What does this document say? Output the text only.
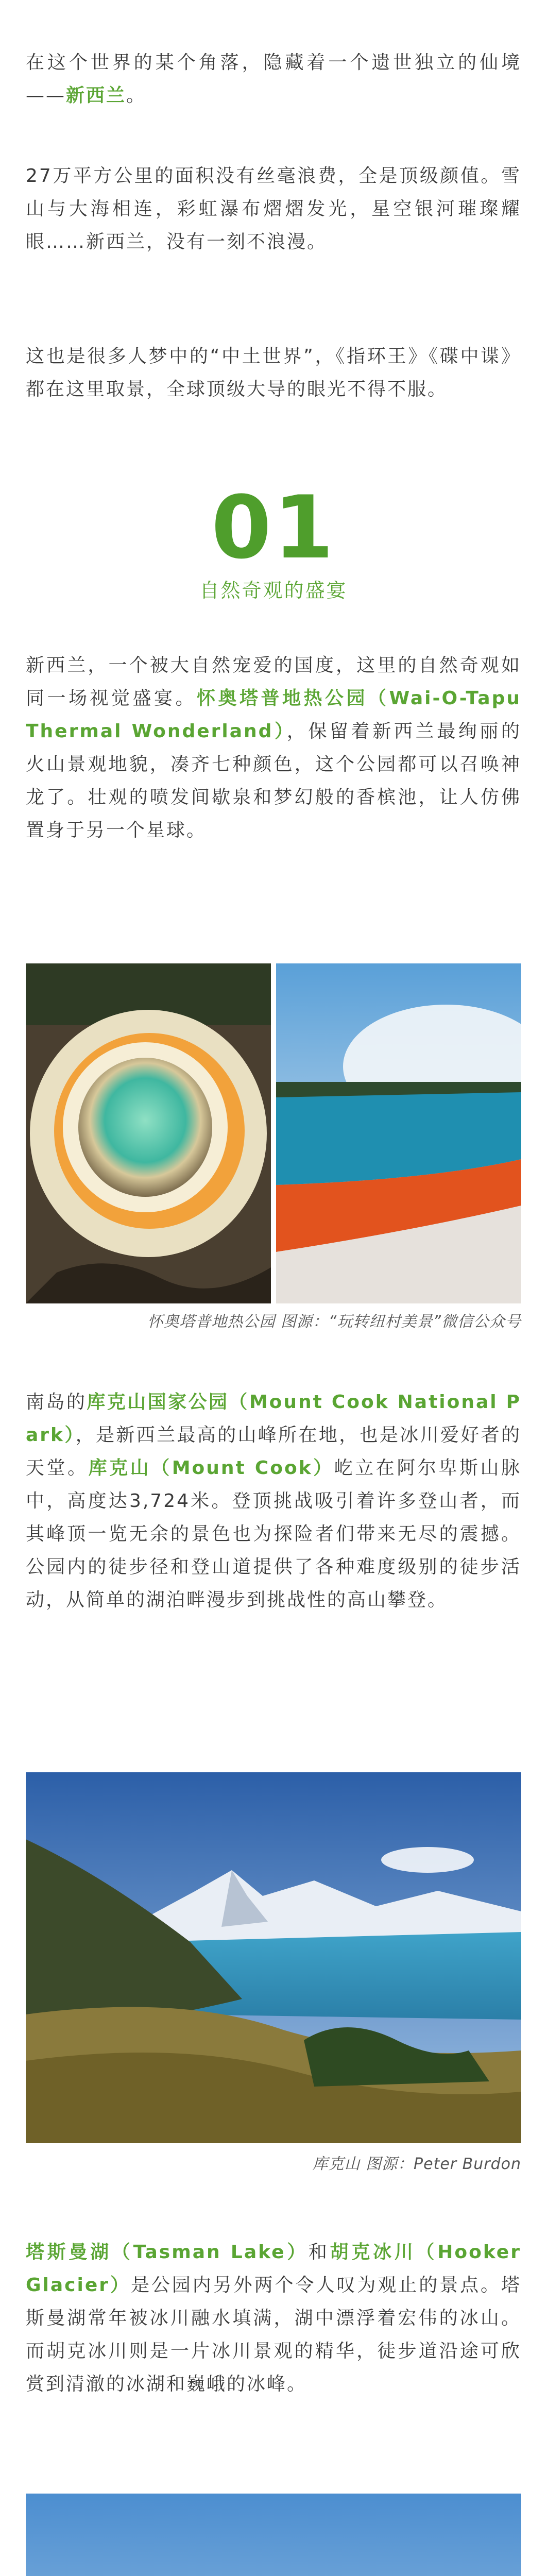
在这个世界的某个角落，隐藏着一个遗世独立的仙境——新西兰。

27万平方公里的面积没有丝毫浪费，全是顶级颜值。雪山与大海相连，彩虹瀑布熠熠发光，星空银河璀璨耀眼……新西兰，没有一刻不浪漫。

这也是很多人梦中的“中土世界”，《指环王》《碟中谍》都在这里取景，全球顶级大导的眼光不得不服。

01
自然奇观的盛宴

新西兰，一个被大自然宠爱的国度，这里的自然奇观如同一场视觉盛宴。怀奥塔普地热公园（Wai-O-Tapu Thermal Wonderland），保留着新西兰最绚丽的火山景观地貌，凑齐七种颜色，这个公园都可以召唤神龙了。壮观的喷发间歇泉和梦幻般的香槟池，让人仿佛置身于另一个星球。

怀奥塔普地热公园 图源：“玩转纽村美景”微信公众号

南岛的库克山国家公园（Mount Cook National Park），是新西兰最高的山峰所在地，也是冰川爱好者的天堂。库克山（Mount Cook）屹立在阿尔卑斯山脉中，高度达3,724米。登顶挑战吸引着许多登山者，而其峰顶一览无余的景色也为探险者们带来无尽的震撼。公园内的徒步径和登山道提供了各种难度级别的徒步活动，从简单的湖泊畔漫步到挑战性的高山攀登。

库克山 图源：Peter Burdon

塔斯曼湖（Tasman Lake）和胡克冰川（Hooker Glacier）是公园内另外两个令人叹为观止的景点。塔斯曼湖常年被冰川融水填满，湖中漂浮着宏伟的冰山。而胡克冰川则是一片冰川景观的精华，徒步道沿途可欣赏到清澈的冰湖和巍峨的冰峰。
